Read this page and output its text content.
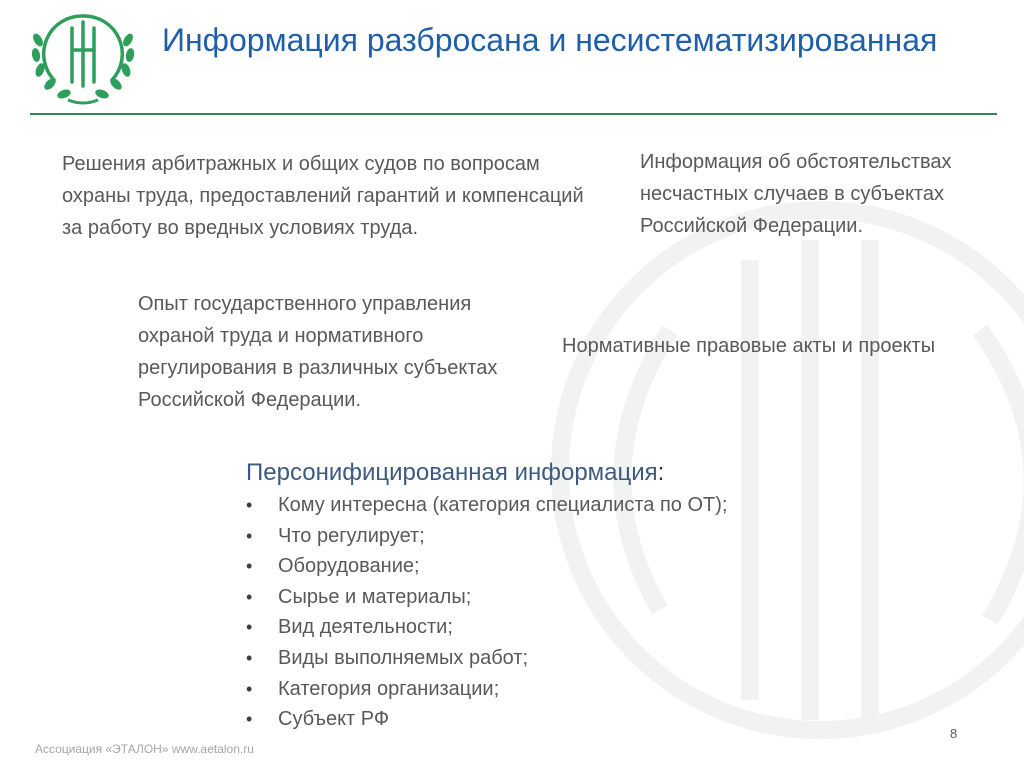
Информация разбросана и несистематизированная
Решения арбитражных и общих судов по вопросам охраны труда, предоставлений гарантий и компенсаций за работу во вредных условиях труда.
Информация об обстоятельствах несчастных случаев в субъектах Российской Федерации.
Опыт государственного управления охраной труда и нормативного регулирования в различных субъектах Российской Федерации.
Нормативные правовые акты и проекты
Персонифицированная информация:
• Кому интересна (категория специалиста по ОТ);
• Что регулирует;
• Оборудование;
• Сырье и материалы;
• Вид деятельности;
• Виды выполняемых работ;
• Категория организации;
• Субъект РФ
8
Ассоциация «ЭТАЛОН» www.aetalon.ru
